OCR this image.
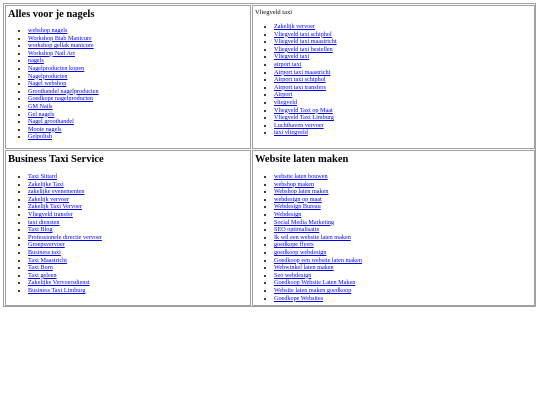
Alles voor je nagels
• webshop nagels
• Workshop Biab Manicure
• workshop gellak manicure
• Workshop Nail Art
• nagels
• Nagelproducten kopen
• Nagelproducten
• Nagel webshop
• Groothandel nagelproducten
• Goedkope nagelproducten
• GM Nails
• Gel nagels
• Nagel groothandel
• Mooie nagels
• Gelpolish
Vliegveld taxi
• Zakelijk vervoer
• Vliegveld taxi schiphol
• Vliegveld taxi maastricht
• Vliegveld taxi bestellen
• Vliegveld taxi
• airport taxi
• Airport taxi maastricht
• Airport taxi schiphol
• Airport taxi transfers
• Airport
• vliegveld
• Vliegveld Taxi op Maat
• Vliegveld Taxi Limburg
• Luchthaven vervoer
• taxi vliegveld
Business Taxi Service
• Taxi Sittard
• Zakelijke Taxi
• zakelijke evenementen
• Zakelijk vervoer
• Zakelijk Taxi Vervoer
• Vliegveld transfer
• taxi diensten
• Taxi Blog
• Professionele directie vervoer
• Groepsvervoer
• Business taxi
• Taxi Maastricht
• Taxi Born
• Taxi geleen
• Zakelijke Vervoersdienst
• Business Taxi Limburg
Website laten maken
• website laten bouwen
• webshop maken
• Webshop laten maken
• webdesign op maat
• Webdesign Bureau
• Webdesign
• Social Media Marketing
• SEO optimalisatie
• Ik wil een website laten maken
• goedkope flyers
• goedkoop webdesign
• Goedkoop een website laten maken
• Webwinkel laten maken
• Seo webdesign
• Goedkoop Website Laten Maken
• Website laten maken goedkoop
• Goedkope Websites
